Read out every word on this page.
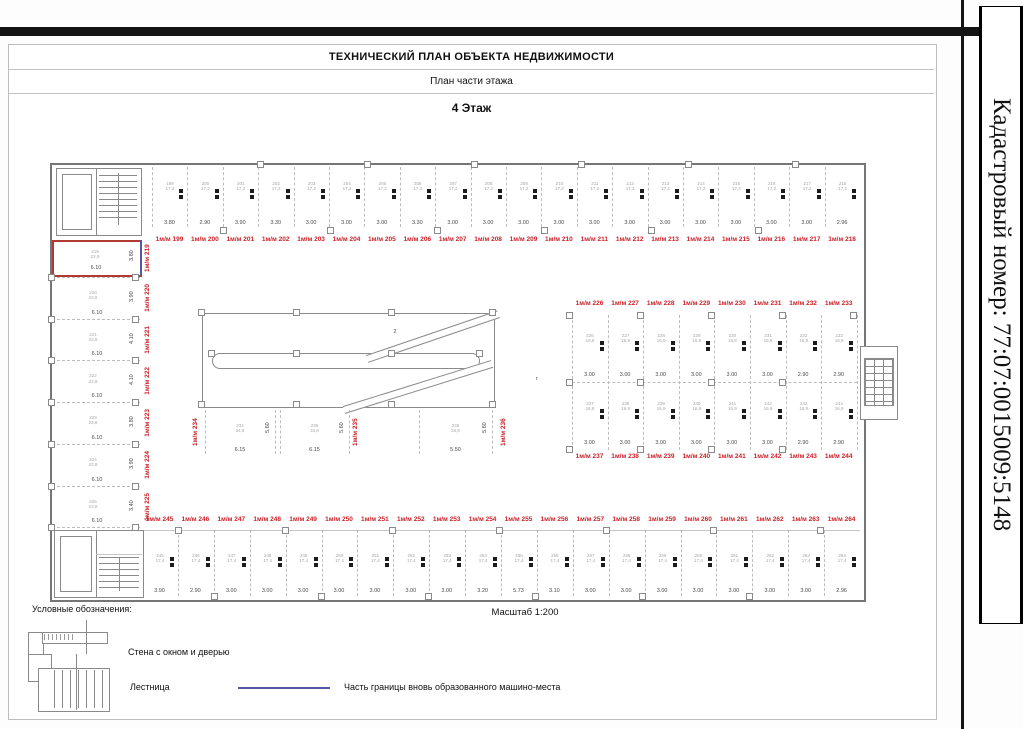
Кадастровый номер: 77:07:0015009:5148
ТЕХНИЧЕСКИЙ ПЛАН ОБЪЕКТА НЕДВИЖИМОСТИ
План части этажа
4 Этаж
1м/м 219
219
22,9	3.80
6.10
1м/м 220
3.90
6.10
220
23,8
1м/м 221
4.10
6.10
221
23,8
1м/м 222
4.10
6.10
222
23,8
1м/м 223
3.80
6.10
223
23,8
1м/м 224
3.90
6.10
224
23,8
1м/м 225
3.40
6.10
225
23,8
1м/м 199
3.80
199
17,2
1м/м 200
2.90
200
17,2
1м/м 201
3.90
201
17,2
1м/м 202
3.30
202
17,2
1м/м 203
3.00
203
17,2
1м/м 204
3.00
204
17,2
1м/м 205
3.00
205
17,2
1м/м 206
3.30
206
17,2
1м/м 207
3.00
207
17,2
1м/м 208
3.00
208
17,2
1м/м 209
3.00
209
17,2
1м/м 210
3.00
210
17,2
1м/м 211
3.00
211
17,2
1м/м 212
3.00
212
17,2
1м/м 213
3.00
213
17,2
1м/м 214
3.00
214
17,2
1м/м 215
3.00
215
17,2
1м/м 216
3.00
216
17,2
1м/м 217
3.00
217
17,2
1м/м 218
2.96
218
17,2
2
г
1м/м 234
6.15
5.60
234
34,6	1м/м 235
6.15
5.60
235
34,6	1м/м 236
5.50
5.60
236
34,6
1м/м 226
3.00
226
16,9
1м/м 227
3.00
227
16,9
1м/м 228
3.00
228
16,9
1м/м 229
3.00
229
16,9
1м/м 230
3.00
230
16,9
1м/м 231
3.00
231
16,9
1м/м 232
2.90
232
16,9
1м/м 233
2.90
233
16,9
1м/м 237
3.00
237
16,9
1м/м 238
3.00
238
16,9
1м/м 239
3.00
239
16,9
1м/м 240
3.00
240
16,9
1м/м 241
3.00
241
16,9
1м/м 242
3.00
242
16,9
1м/м 243
2.90
243
16,9
1м/м 244
2.90
244
16,9
1м/м 245
3.90
245
17,4
1м/м 246
2.90
246
17,4
1м/м 247
3.00
247
17,4
1м/м 248
3.00
248
17,4
1м/м 249
3.00
249
17,4
1м/м 250
3.00
250
17,4
1м/м 251
3.00
251
17,4
1м/м 252
3.00
252
17,4
1м/м 253
3.00
253
17,4
1м/м 254
3.20
254
17,4
1м/м 255
5.73
255
17,4
1м/м 256
3.10
256
17,4
1м/м 257
3.00
257
17,4
1м/м 258
3.00
258
17,4
1м/м 259
3.00
259
17,4
1м/м 260
3.00
260
17,4
1м/м 261
3.00
261
17,4
1м/м 262
3.00
262
17,4
1м/м 263
3.00
263
17,4
1м/м 264
2.96
264
17,4
Условные обозначения:
Стена с окном и дверью
Лестница	Часть границы вновь образованного машино-места
Масштаб 1:200
